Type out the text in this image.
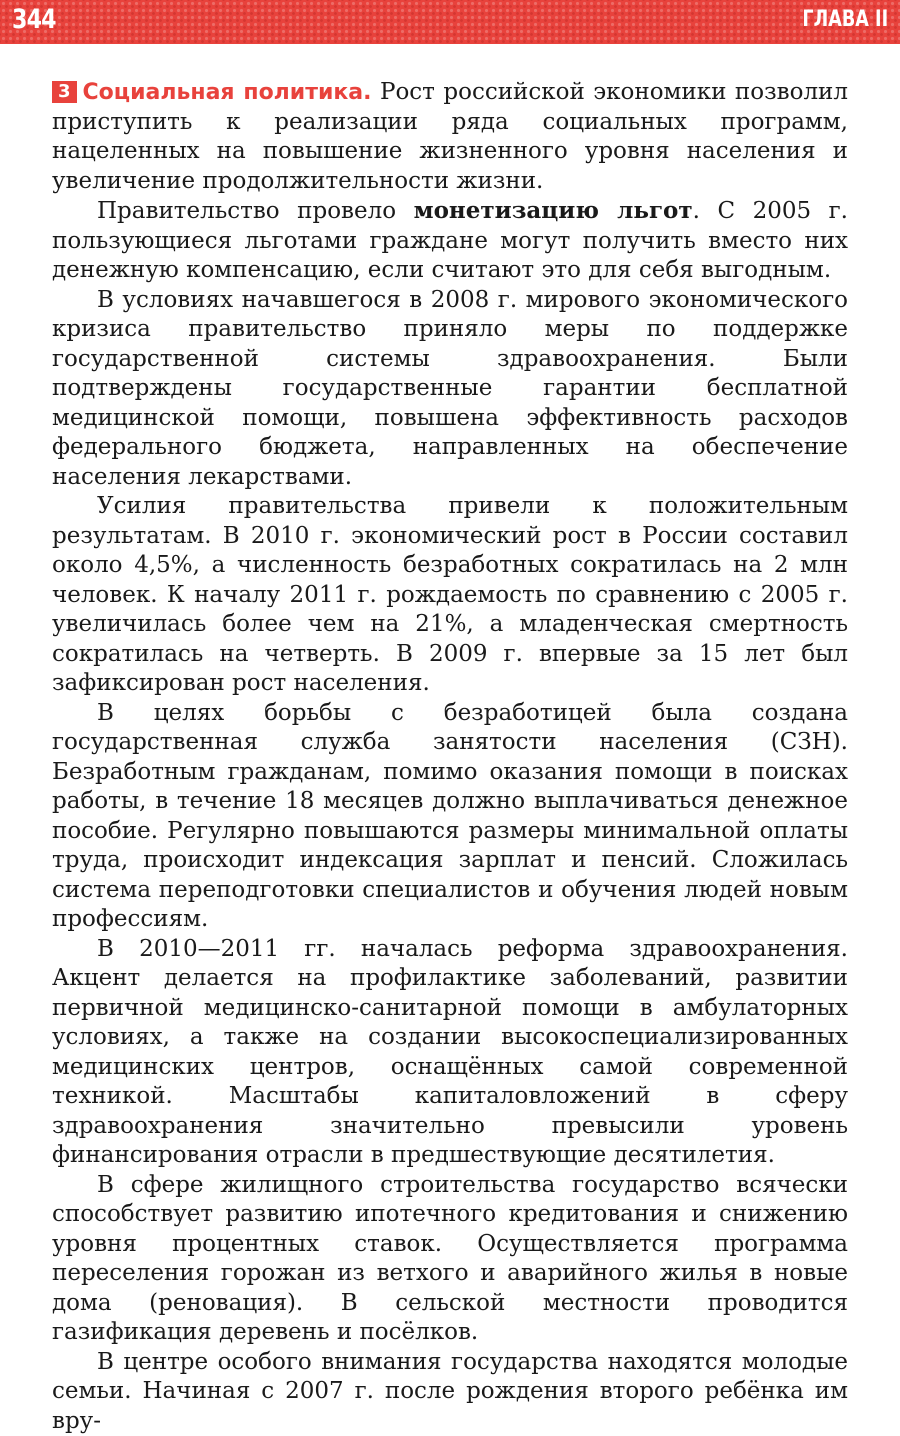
344	ГЛАВА II

3 Социальная политика. Рост российской экономики позволил приступить к реализации ряда социальных программ, нацеленных на повышение жизненного уровня населения и увеличение продолжительности жизни.

Правительство провело монетизацию льгот. С 2005 г. пользующиеся льготами граждане могут получить вместо них денежную компенсацию, если считают это для себя выгодным.

В условиях начавшегося в 2008 г. мирового экономического кризиса правительство приняло меры по поддержке государственной системы здравоохранения. Были подтверждены государственные гарантии бесплатной медицинской помощи, повышена эффективность расходов федерального бюджета, направленных на обеспечение населения лекарствами.

Усилия правительства привели к положительным результатам. В 2010 г. экономический рост в России составил около 4,5%, а численность безработных сократилась на 2 млн человек. К началу 2011 г. рождаемость по сравнению с 2005 г. увеличилась более чем на 21%, а младенческая смертность сократилась на четверть. В 2009 г. впервые за 15 лет был зафиксирован рост населения.

В целях борьбы с безработицей была создана государственная служба занятости населения (СЗН). Безработным гражданам, помимо оказания помощи в поисках работы, в течение 18 месяцев должно выплачиваться денежное пособие. Регулярно повышаются размеры минимальной оплаты труда, происходит индексация зарплат и пенсий. Сложилась система переподготовки специалистов и обучения людей новым профессиям.

В 2010—2011 гг. началась реформа здравоохранения. Акцент делается на профилактике заболеваний, развитии первичной медицинско-санитарной помощи в амбулаторных условиях, а также на создании высокоспециализированных медицинских центров, оснащённых самой современной техникой. Масштабы капиталовложений в сферу здравоохранения значительно превысили уровень финансирования отрасли в предшествующие десятилетия.

В сфере жилищного строительства государство всячески способствует развитию ипотечного кредитования и снижению уровня процентных ставок. Осуществляется программа переселения горожан из ветхого и аварийного жилья в новые дома (реновация). В сельской местности проводится газификация деревень и посёлков.

В центре особого внимания государства находятся молодые семьи. Начиная с 2007 г. после рождения второго ребёнка им вру-
